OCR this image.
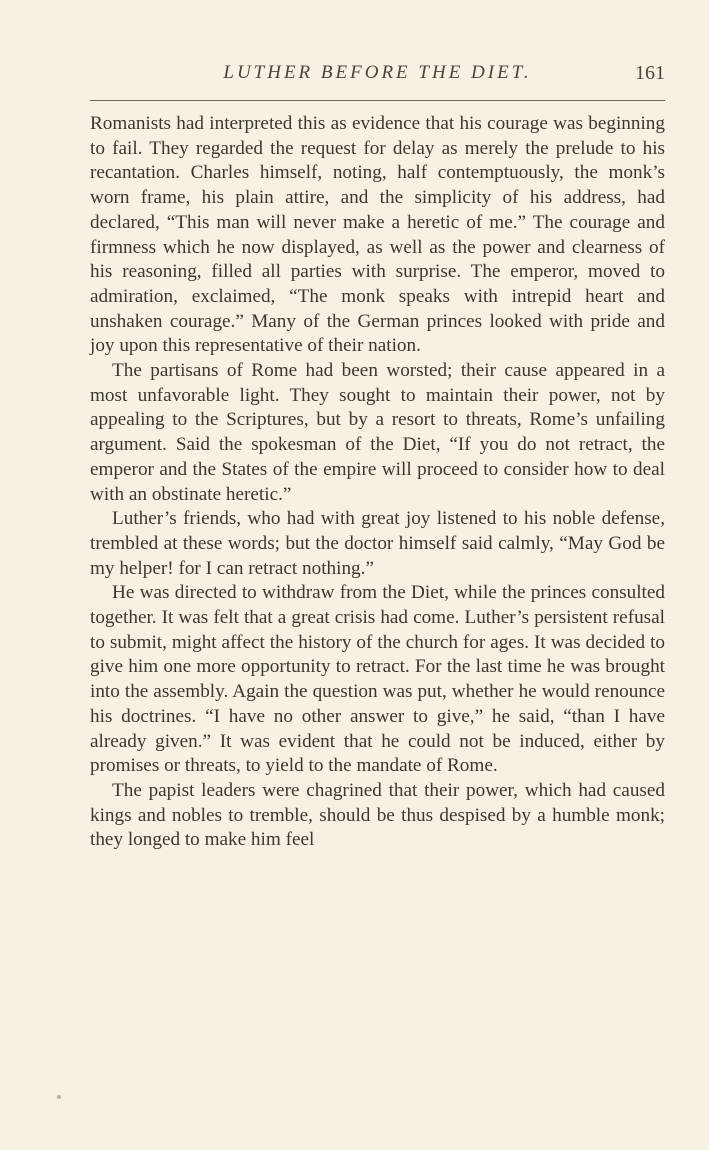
LUTHER BEFORE THE DIET.	161

Romanists had interpreted this as evidence that his courage was beginning to fail. They regarded the request for delay as merely the prelude to his recantation. Charles himself, noting, half contemptuously, the monk’s worn frame, his plain attire, and the simplicity of his address, had declared, “This man will never make a heretic of me.” The courage and firmness which he now displayed, as well as the power and clearness of his reasoning, filled all parties with surprise. The emperor, moved to admiration, exclaimed, “The monk speaks with intrepid heart and unshaken courage.” Many of the German princes looked with pride and joy upon this representative of their nation.

The partisans of Rome had been worsted; their cause appeared in a most unfavorable light. They sought to maintain their power, not by appealing to the Scriptures, but by a resort to threats, Rome’s unfailing argument. Said the spokesman of the Diet, “If you do not retract, the emperor and the States of the empire will proceed to consider how to deal with an obstinate heretic.”

Luther’s friends, who had with great joy listened to his noble defense, trembled at these words; but the doctor himself said calmly, “May God be my helper! for I can retract nothing.”

He was directed to withdraw from the Diet, while the princes consulted together. It was felt that a great crisis had come. Luther’s persistent refusal to submit, might affect the history of the church for ages. It was decided to give him one more opportunity to retract. For the last time he was brought into the assembly. Again the question was put, whether he would renounce his doctrines. “I have no other answer to give,” he said, “than I have already given.” It was evident that he could not be induced, either by promises or threats, to yield to the mandate of Rome.

The papist leaders were chagrined that their power, which had caused kings and nobles to tremble, should be thus despised by a humble monk; they longed to make him feel
